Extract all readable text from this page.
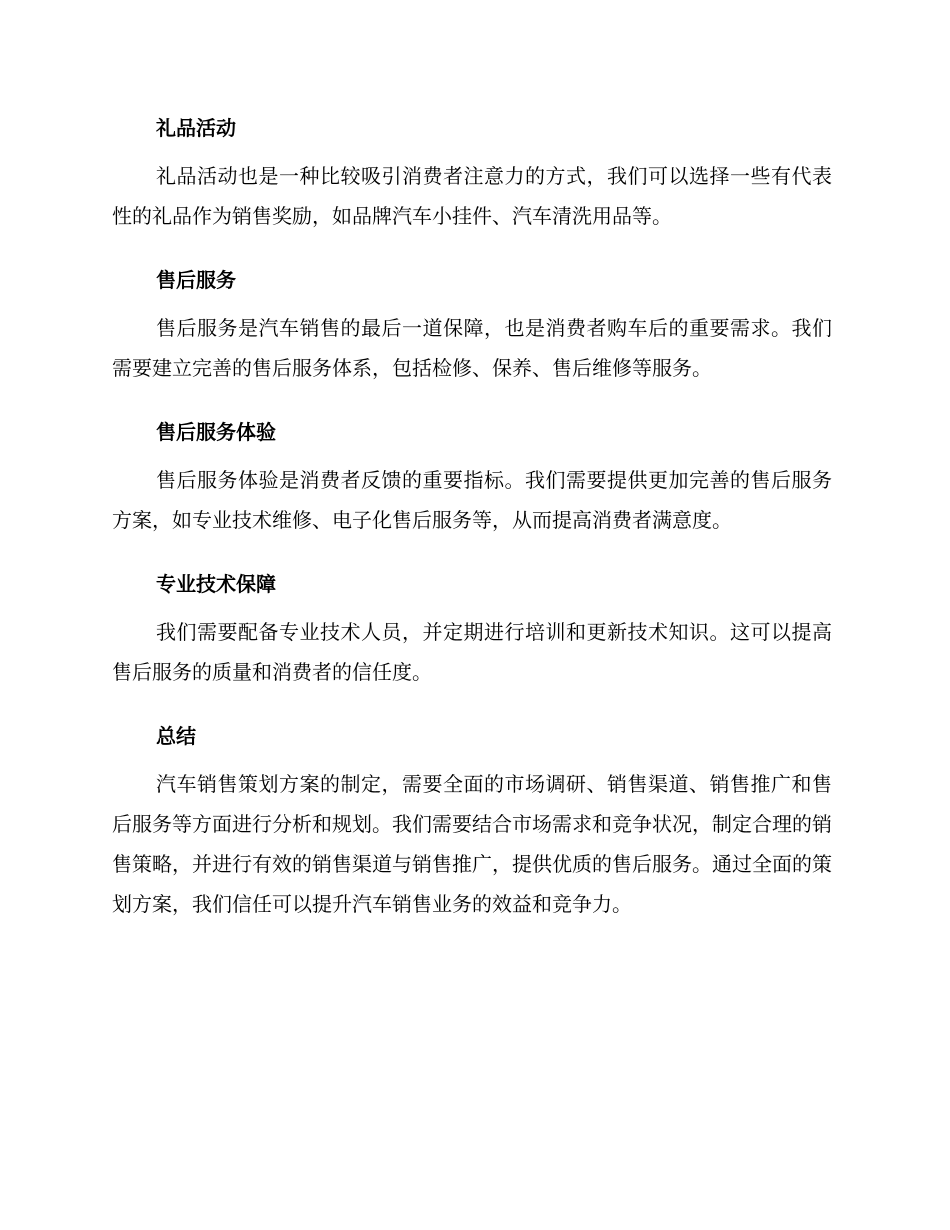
礼品活动
礼品活动也是一种比较吸引消费者注意力的方式，我们可以选择一些有代表性的礼品作为销售奖励，如品牌汽车小挂件、汽车清洗用品等。
售后服务
售后服务是汽车销售的最后一道保障，也是消费者购车后的重要需求。我们需要建立完善的售后服务体系，包括检修、保养、售后维修等服务。
售后服务体验
售后服务体验是消费者反馈的重要指标。我们需要提供更加完善的售后服务方案，如专业技术维修、电子化售后服务等，从而提高消费者满意度。
专业技术保障
我们需要配备专业技术人员，并定期进行培训和更新技术知识。这可以提高售后服务的质量和消费者的信任度。
总结
汽车销售策划方案的制定，需要全面的市场调研、销售渠道、销售推广和售后服务等方面进行分析和规划。我们需要结合市场需求和竞争状况，制定合理的销售策略，并进行有效的销售渠道与销售推广，提供优质的售后服务。通过全面的策划方案，我们信任可以提升汽车销售业务的效益和竞争力。
